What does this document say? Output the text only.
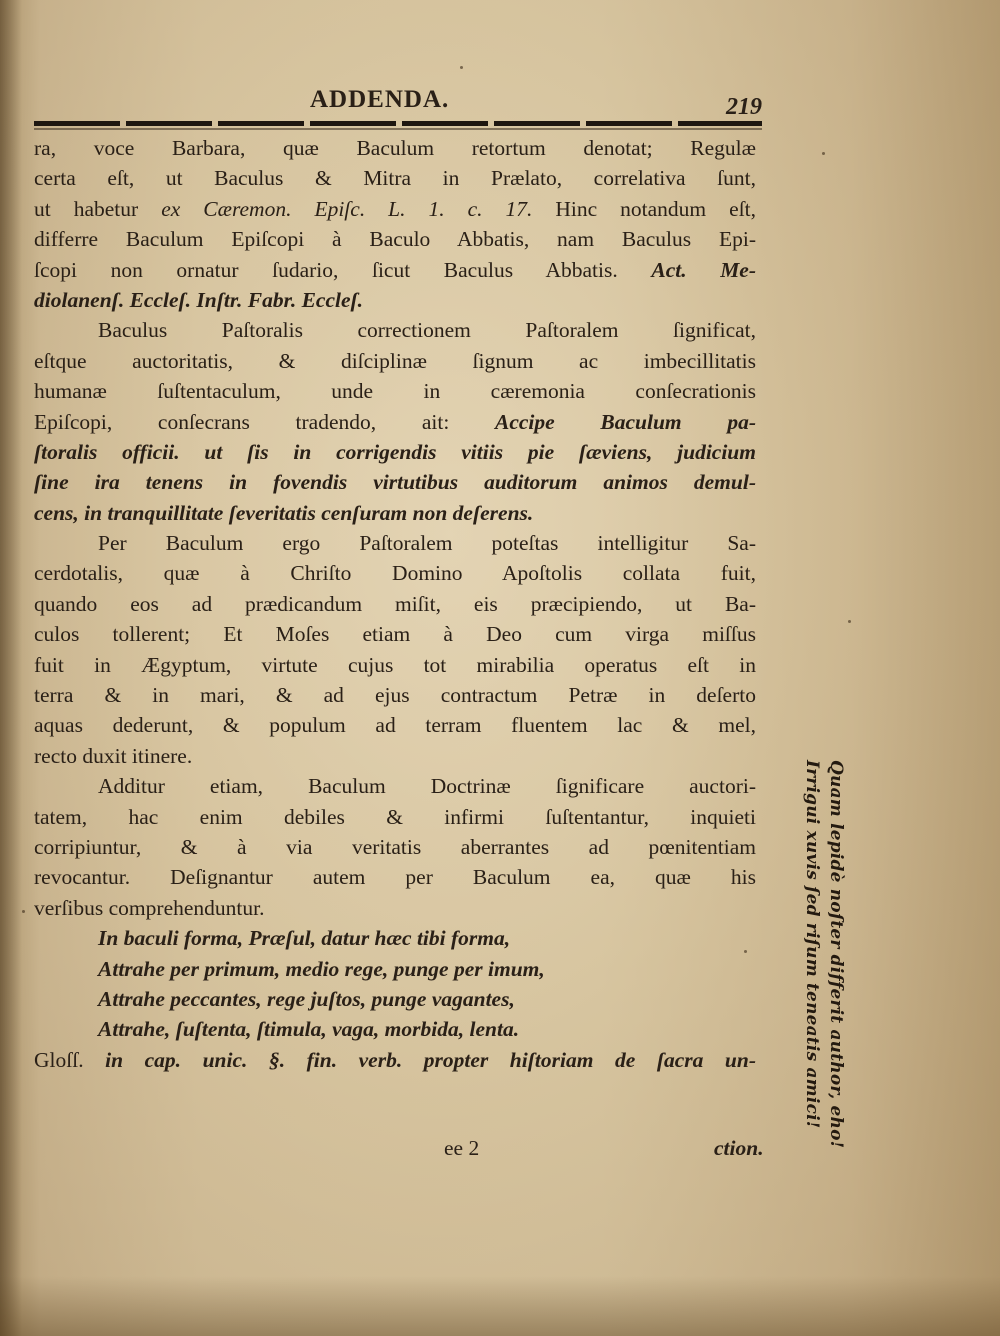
ADDENDA.	219
ra, voce Barbara, quæ Baculum retortum denotat; Regulæ
certa eſt, ut Baculus & Mitra in Prælato, correlativa ſunt,
ut habetur ex Cæremon. Epiſc. L. 1. c. 17. Hinc notandum eſt,
differre Baculum Epiſcopi à Baculo Abbatis, nam Baculus Epi-
ſcopi non ornatur ſudario, ſicut Baculus Abbatis. Act. Me-
diolanenſ. Eccleſ. Inſtr. Fabr. Eccleſ.
Baculus Paſtoralis correctionem Paſtoralem ſignificat,
eſtque auctoritatis, & diſciplinæ ſignum ac imbecillitatis
humanæ ſuſtentaculum, unde in cæremonia conſecrationis
Epiſcopi, conſecrans tradendo, ait: Accipe Baculum pa-
ſtoralis officii. ut ſis in corrigendis vitiis pie ſæviens, judicium
ſine ira tenens in fovendis virtutibus auditorum animos demul-
cens, in tranquillitate ſeveritatis cenſuram non deſerens.
Per Baculum ergo Paſtoralem poteſtas intelligitur Sa-
cerdotalis, quæ à Chriſto Domino Apoſtolis collata fuit,
quando eos ad prædicandum miſit, eis præcipiendo, ut Ba-
culos tollerent; Et Moſes etiam à Deo cum virga miſſus
fuit in Ægyptum, virtute cujus tot mirabilia operatus eſt in
terra & in mari, & ad ejus contractum Petræ in deſerto
aquas dederunt, & populum ad terram fluentem lac & mel,
recto duxit itinere.
Additur etiam, Baculum Doctrinæ ſignificare auctori-
tatem, hac enim debiles & infirmi ſuſtentantur, inquieti
corripiuntur, & à via veritatis aberrantes ad pœnitentiam
revocantur. Deſignantur autem per Baculum ea, quæ his
verſibus comprehenduntur.
In baculi forma, Præſul, datur hæc tibi forma,
Attrahe per primum, medio rege, punge per imum,
Attrahe peccantes, rege juſtos, punge vagantes,
Attrahe, ſuſtenta, ſtimula, vaga, morbida, lenta.
Gloſſ. in cap. unic. §. fin. verb. propter hiſtoriam de ſacra un-
ee 2	ction.
Irrigui xuvis ſed riſum teneatis amici! Quam lepidè noſter differit author, eho!
